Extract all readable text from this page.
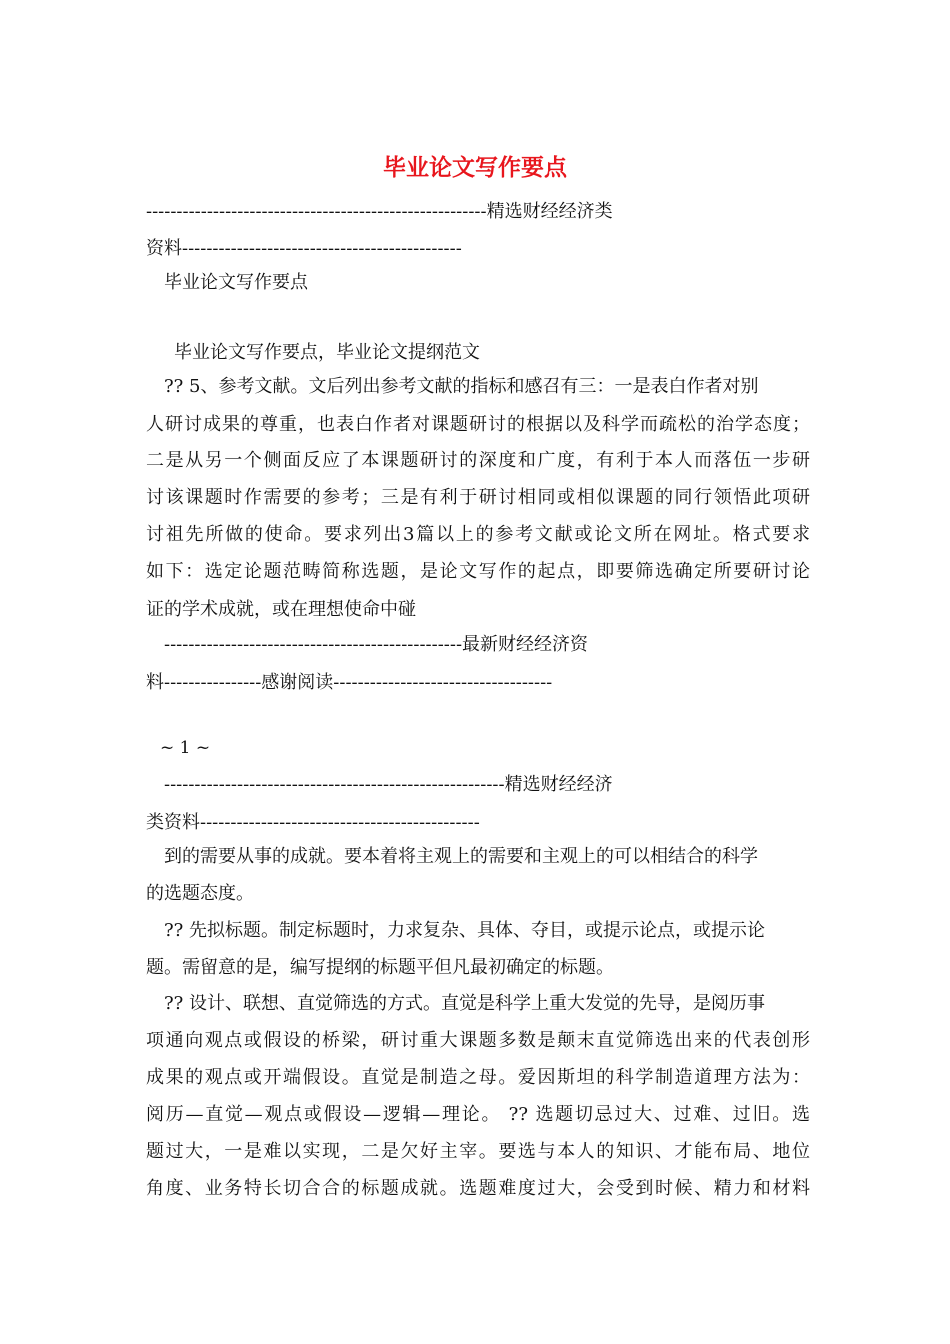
毕业论文写作要点
--------------------------------------------------------精选财经经济类
资料----------------------------------------------
毕业论文写作要点
毕业论文写作要点，毕业论文提纲范文
?? 5、参考文献。文后列出参考文献的指标和感召有三：一是表白作者对别
人研讨成果的尊重，也表白作者对课题研讨的根据以及科学而疏松的治学态度；
二是从另一个侧面反应了本课题研讨的深度和广度，有利于本人而落伍一步研
讨该课题时作需要的参考；三是有利于研讨相同或相似课题的同行领悟此项研
讨祖先所做的使命。要求列出3篇以上的参考文献或论文所在网址。格式要求
如下：选定论题范畴简称选题，是论文写作的起点，即要筛选确定所要研讨论
证的学术成就，或在理想使命中碰
-------------------------------------------------最新财经经济资
料----------------感谢阅读------------------------------------
~ 1 ~
--------------------------------------------------------精选财经经济
类资料----------------------------------------------
到的需要从事的成就。要本着将主观上的需要和主观上的可以相结合的科学
的选题态度。
?? 先拟标题。制定标题时，力求复杂、具体、夺目，或提示论点，或提示论
题。需留意的是，编写提纲的标题平但凡最初确定的标题。
?? 设计、联想、直觉筛选的方式。直觉是科学上重大发觉的先导，是阅历事
项通向观点或假设的桥梁，研讨重大课题多数是颠末直觉筛选出来的代表创形
成果的观点或开端假设。直觉是制造之母。爱因斯坦的科学制造道理方法为：
阅历—直觉—观点或假设—逻辑—理论。 ?? 选题切忌过大、过难、过旧。选
题过大，一是难以实现，二是欠好主宰。要选与本人的知识、才能布局、地位
角度、业务特长切合合的标题成就。选题难度过大，会受到时候、精力和材料
